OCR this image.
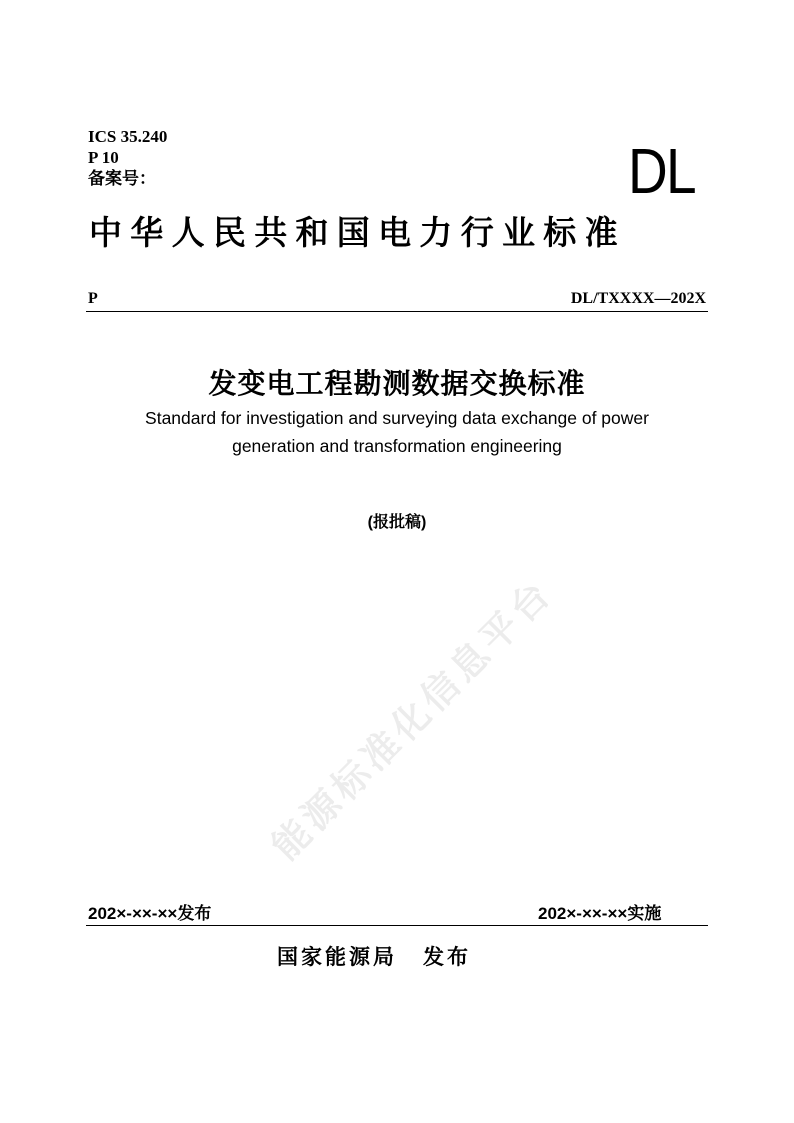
ICS 35.240
P 10
备案号：	DL
中华人民共和国电力行业标准
P	DL/TXXXX—202X
发变电工程勘测数据交换标准
Standard for investigation and surveying data exchange of power
generation and transformation engineering
(报批稿)
能源标准化信息平台
202×-××-××发布	202×-××-××实施
国家能源局 发布
